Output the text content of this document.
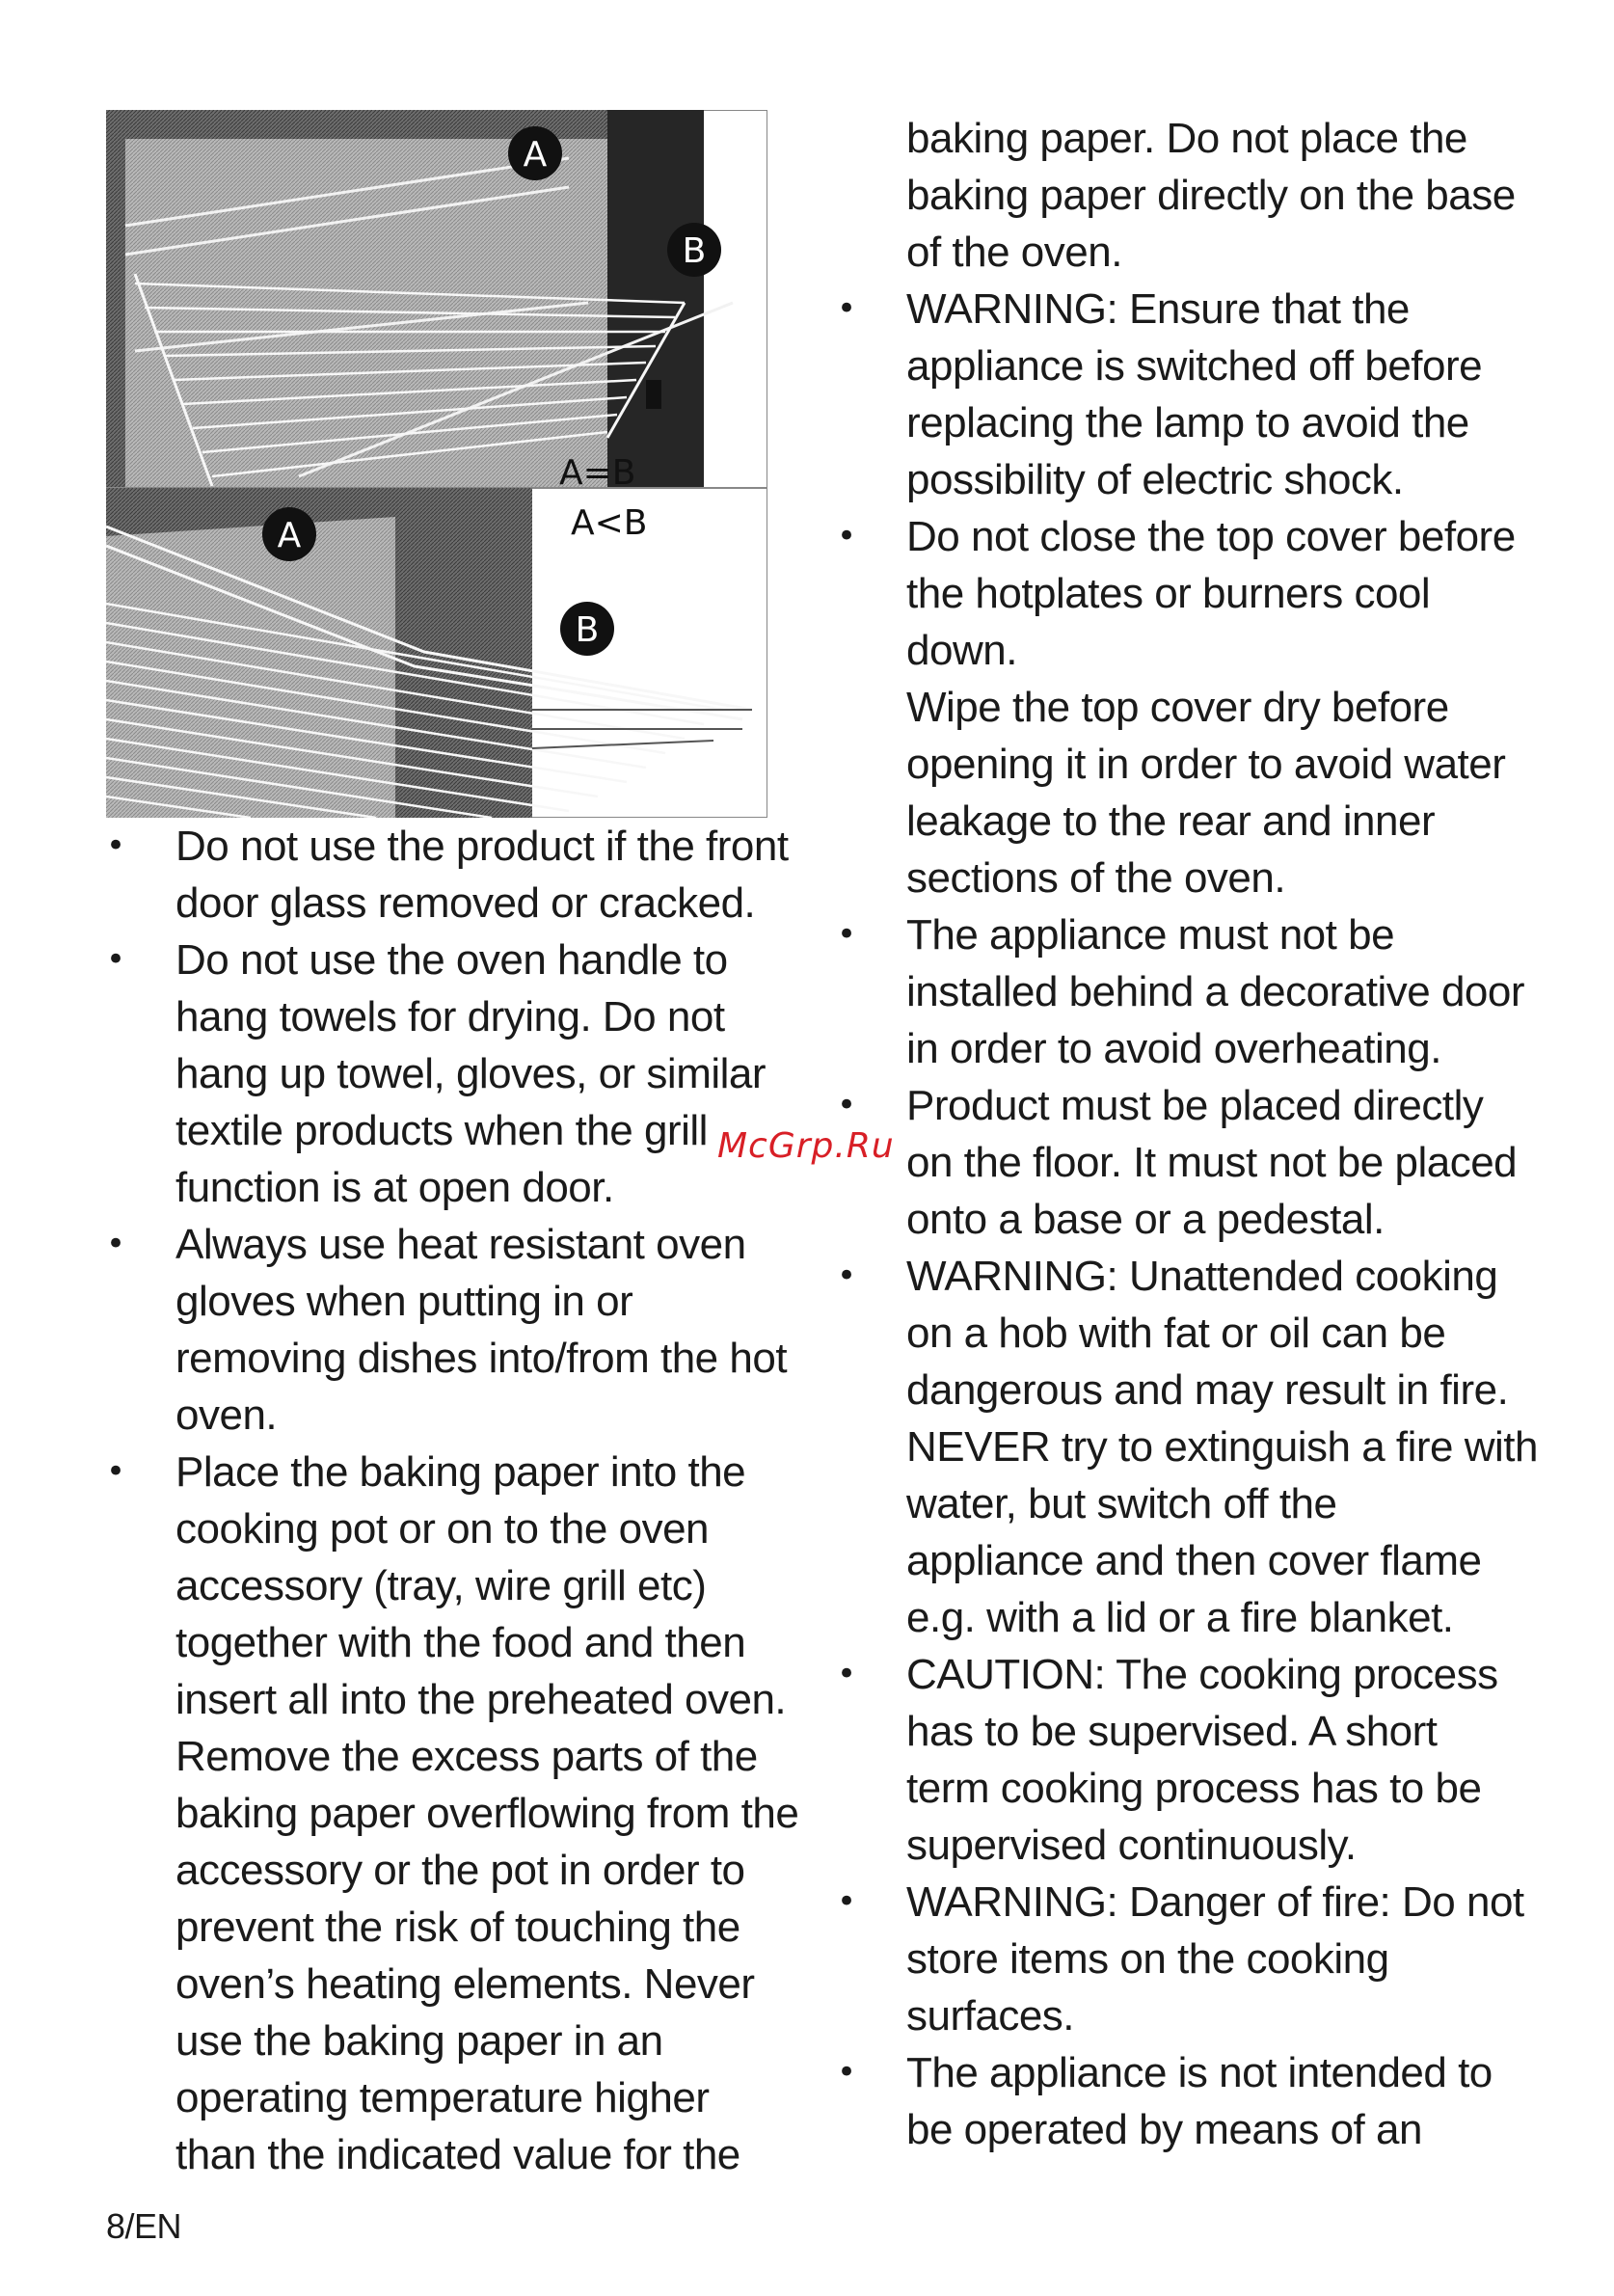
A
B
A=B
A	A<B
B
•	Do not use the product if the front
door glass removed or cracked.
•	Do not use the oven handle to
hang towels for drying. Do not
hang up towel, gloves, or similar
textile products when the grill
function is at open door.
•	Always use heat resistant oven
gloves when putting in or
removing dishes into/from the hot
oven.
•	Place the baking paper into the
cooking pot or on to the oven
accessory (tray, wire grill etc)
together with the food and then
insert all into the preheated oven.
Remove the excess parts of the
baking paper overflowing from the
accessory or the pot in order to
prevent the risk of touching the
oven’s heating elements. Never
use the baking paper in an
operating temperature higher
than the indicated value for the
baking paper. Do not place the
baking paper directly on the base
of the oven.
•	WARNING: Ensure that the
appliance is switched off before
replacing the lamp to avoid the
possibility of electric shock.
•	Do not close the top cover before
the hotplates or burners cool
down.
Wipe the top cover dry before
opening it in order to avoid water
leakage to the rear and inner
sections of the oven.
•	The appliance must not be
installed behind a decorative door
in order to avoid overheating.
•	Product must be placed directly
on the floor. It must not be placed
onto a base or a pedestal.
•	WARNING: Unattended cooking
on a hob with fat or oil can be
dangerous and may result in fire.
NEVER try to extinguish a fire with
water, but switch off the
appliance and then cover flame
e.g. with a lid or a fire blanket.
•	CAUTION: The cooking process
has to be supervised. A short
term cooking process has to be
supervised continuously.
•	WARNING: Danger of fire: Do not
store items on the cooking
surfaces.
•	The appliance is not intended to
be operated by means of an
McGrp.Ru
8/EN
